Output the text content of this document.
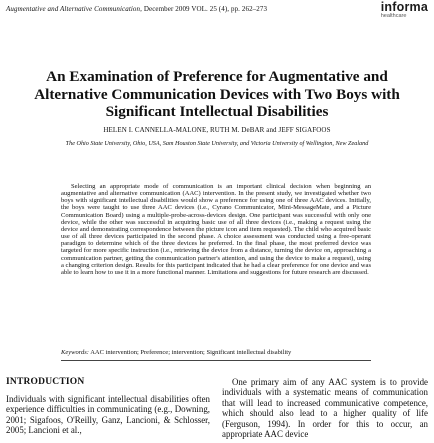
Augmentative and Alternative Communication, December 2009 VOL. 25 (4), pp. 262–273	informa
healthcare
An Examination of Preference for Augmentative and Alternative Communication Devices with Two Boys with Significant Intellectual Disabilities
HELEN I. CANNELLA-MALONE, RUTH M. DeBAR and JEFF SIGAFOOS
The Ohio State University, Ohio, USA, Sam Houston State University, and Victoria University of Wellington, New Zealand

Selecting an appropriate mode of communication is an important clinical decision when beginning an augmentative and alternative communication (AAC) intervention. In the present study, we investigated whether two boys with significant intellectual disabilities would show a preference for using one of three AAC devices. Initially, the boys were taught to use three AAC devices (i.e., Cyrano Communicator, Mini-MessageMate, and a Picture Communication Board) using a multiple-probe-across-devices design. One participant was successful with only one device, while the other was successful in acquiring basic use of all three devices (i.e., making a request using the device and demonstrating correspondence between the picture icon and item requested). The child who acquired basic use of all three devices participated in the second phase. A choice assessment was conducted using a free-operant paradigm to determine which of the three devices he preferred. In the final phase, the most preferred device was targeted for more specific instruction (i.e., retrieving the device from a distance, turning the device on, approaching a communication partner, getting the communication partner's attention, and using the device to make a request), using a changing criterion design. Results for this participant indicated that he had a clear preference for one device and was able to learn how to use it in a more functional manner. Limitations and suggestions for future research are discussed.

Keywords: AAC intervention; Preference; intervention; Significant intellectual disability
INTRODUCTION

Individuals with significant intellectual disabilities often experience difficulties in communicating (e.g., Downing, 2001; Sigafoos, O'Reilly, Ganz, Lancioni, & Schlosser, 2005; Lancioni et al.,

One primary aim of any AAC system is to provide individuals with a systematic means of communication that will lead to increased communicative competence, which should also lead to a higher quality of life (Ferguson, 1994). In order for this to occur, an appropriate AAC device
